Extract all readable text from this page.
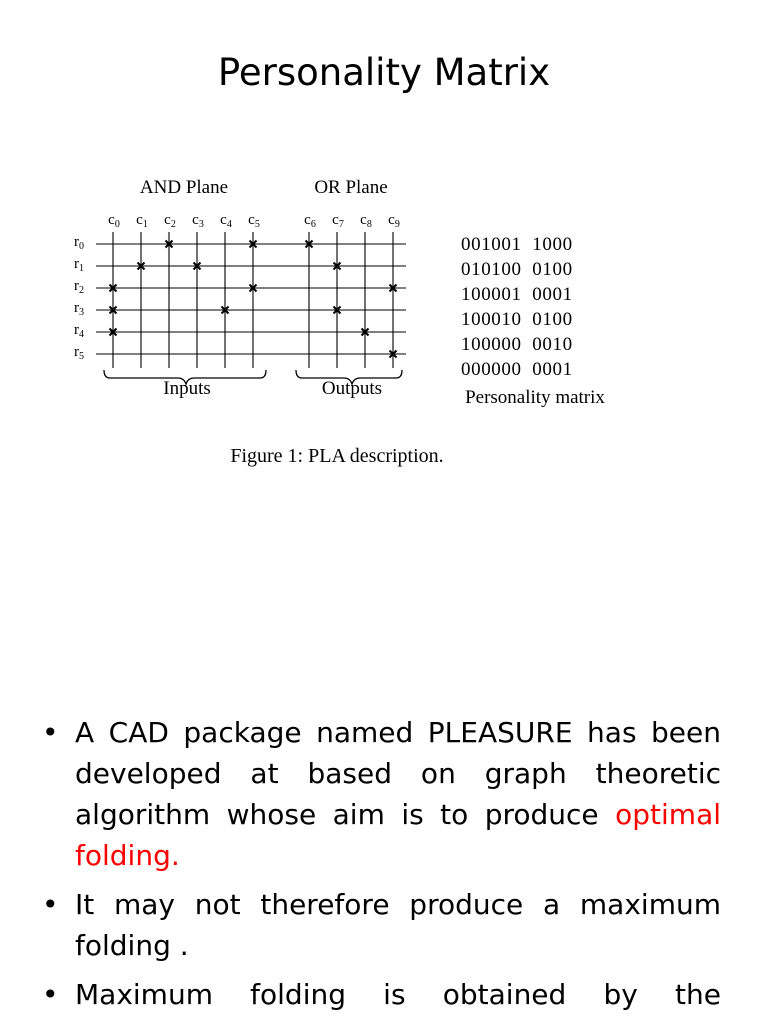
Personality Matrix
AND Plane	OR Plane
$c_0$ $c_1$ $c_2$ $c_3$ $c_4$ $c_5$	$c_6$ $c_7$ $c_8$ $c_9$
$r_0$
$r_1$
$r_2$
$r_3$
$r_4$
$r_5$
Inputs	Outputs
001001  1000
010100  0100
100001  0001
100010  0100
100000  0010
000000  0001
Personality matrix
Figure 1: PLA description.
• A CAD package named PLEASURE has been
developed at based on graph theoretic
algorithm whose aim is to produce optimal
folding.
• It may not therefore produce a maximum
folding .
• Maximum folding is obtained by the
